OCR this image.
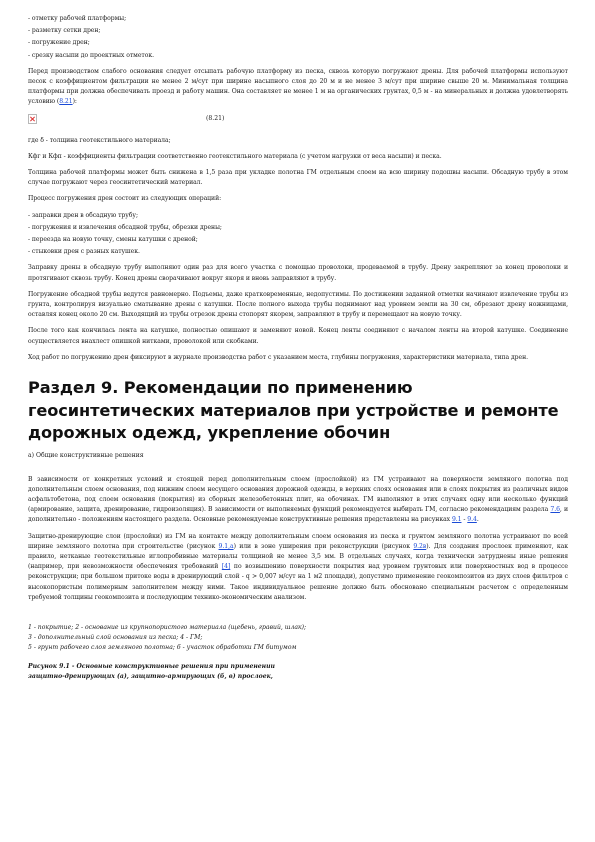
- отметку рабочей платформы;

- разметку сетки дрен;

- погружение дрен;

- срезку насыпи до проектных отметок.

Перед производством слабого основания следует отсыпать рабочую платформу из песка, сквозь которую погружают дрены. Для рабочей платформы используют песок с коэффициентом фильтрации не менее 2 м/сут при ширине насыпного слоя до 20 м и не менее 3 м/сут при ширине свыше 20 м. Минимальная толщина платформы при должна обеспечивать проезд и работу машин. Она составляет не менее 1 м на органических грунтах, 0,5 м - на минеральных и должна удовлетворять условию (8.21):

(8.21)

где δ - толщина геотекстильного материала;

Кфг и Кфп - коэффициенты фильтрации соответственно геотекстильного материала (с учетом нагрузки от веса насыпи) и песка.

Толщина рабочей платформы может быть снижена в 1,5 раза при укладке полотна ГМ отдельным слоем на всю ширину подошвы насыпи. Обсадную трубу в этом случае погружают через геосинтетический материал.

Процесс погружения дрен состоит из следующих операций:

- заправки дрен в обсадную трубу;

- погружения и извлечения обсадной трубы, обрезки дрены;

- переезда на новую точку, смены катушки с дреной;

- стыковки дрен с разных катушек.

Заправку дрены в обсадную трубу выполняют один раз для всего участка с помощью проволоки, продеваемой в трубу. Дрену закрепляют за конец проволоки и протягивают сквозь трубу. Конец дрены сворачивают вокруг якоря и вновь заправляют в трубу.

Погружение обсадной трубы ведутся равномерно. Подъемы, даже кратковременные, недопустимы. По достижении заданной отметки начинают извлечение трубы из грунта, контролируя визуально сматывание дрены с катушки. После полного выхода трубы поднимают над уровнем земли на 30 см, обрезают дрену ножницами, оставляя конец около 20 см. Выходящий из трубы отрезок дрены стопорят якорем, заправляют в трубу и перемещают на новую точку.

После того как кончилась лента на катушке, полностью опишают и заменяют новой. Конец ленты соединяют с началом ленты на второй катушке. Соединение осуществляется внахлест опишкой нитками, проволокой или скобками.

Ход работ по погружению дрен фиксируют в журнале производства работ с указанием места, глубины погружения, характеристики материала, типа дрен.

Раздел 9. Рекомендации по применению геосинтетических материалов при устройстве и ремонте дорожных одежд, укрепление обочин

а) Общие конструктивные решения

В зависимости от конкретных условий и стоящей перед дополнительным слоем (прослойкой) из ГМ устраивают на поверхности земляного полотна под дополнительным слоем основания, под нижним слоем несущего основания дорожной одежды, в верхних слоях основания или в слоях покрытия из различных видов асфальтобетона, под слоем основания (покрытия) из сборных железобетонных плит, на обочинах. ГМ выполняют в этих случаях одну или несколько функций (армирование, защита, дренирование, гидроизоляция). В зависимости от выполняемых функций рекомендуется выбирать ГМ, согласно рекомендациям раздела 7.6, и дополнительно - положениям настоящего раздела. Основные рекомендуемые конструктивные решения представлены на рисунках 9.1 - 9.4.

Защитно-дренирующие слои (прослойки) из ГМ на контакте между дополнительным слоем основания из песка и грунтом земляного полотна устраивают по всей ширине земляного полотна при строительстве (рисунок 9.1,а) или в зоне уширения при реконструкции (рисунок 9.2в). Для создания прослоек применяют, как правило, нетканые геотекстильные иглопробивные материалы толщиной не менее 3,5 мм. В отдельных случаях, когда технически затруднены иные решения (например, при невозможности обеспечения требований [4] по возвышению поверхности покрытия над уровнем грунтовых или поверхностных вод в процессе реконструкции; при большом притоке воды в дренирующий слой - q > 0,007 м/сут на 1 м2 площади), допустимо применение геокомпозитов из двух слоев фильтров с высокопористым полимерным заполнителем между ними. Такое индивидуальное решение должно быть обосновано специальным расчетом с определенным требуемой толщины геокомпозита и последующим технико-экономическим анализом.

1 - покрытие; 2 - основание из крупнопористого материала (щебень, гравий, шлак);

3 - дополнительный слой основания из песка; 4 - ГМ;

5 - грунт рабочего слоя земляного полотна; 6 - участок обработки ГМ битумом

Рисунок 9.1 - Основные конструктивные решения при применении

защитно-дренирующих (а), защитно-армирующих (б, в) прослоек,
